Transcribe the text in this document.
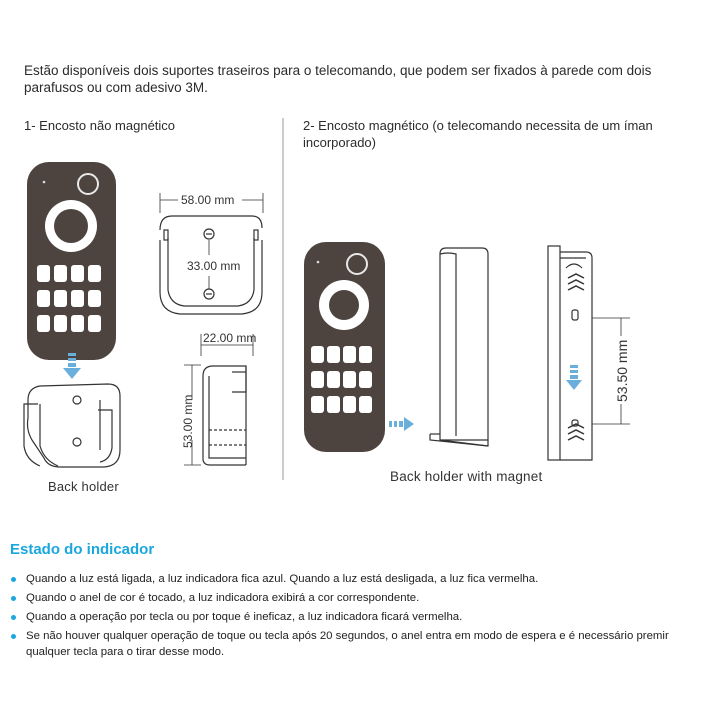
Estão disponíveis dois suportes traseiros para o telecomando, que podem ser fixados à parede com dois parafusos ou com adesivo 3M.
1- Encosto não magnético	2- Encosto magnético (o telecomando necessita de um íman incorporado)
58.00 mm
33.00 mm
22.00 mm
53.00 mm
53.50 mm
Back holder
Back holder with magnet
Estado do indicador
Quando a luz está ligada, a luz indicadora fica azul. Quando a luz está desligada, a luz fica vermelha.
Quando o anel de cor é tocado, a luz indicadora exibirá a cor correspondente.
Quando a operação por tecla ou por toque é ineficaz, a luz indicadora ficará vermelha.
Se não houver qualquer operação de toque ou tecla após 20 segundos, o anel entra em modo de espera e é necessário premir qualquer tecla para o tirar desse modo.
